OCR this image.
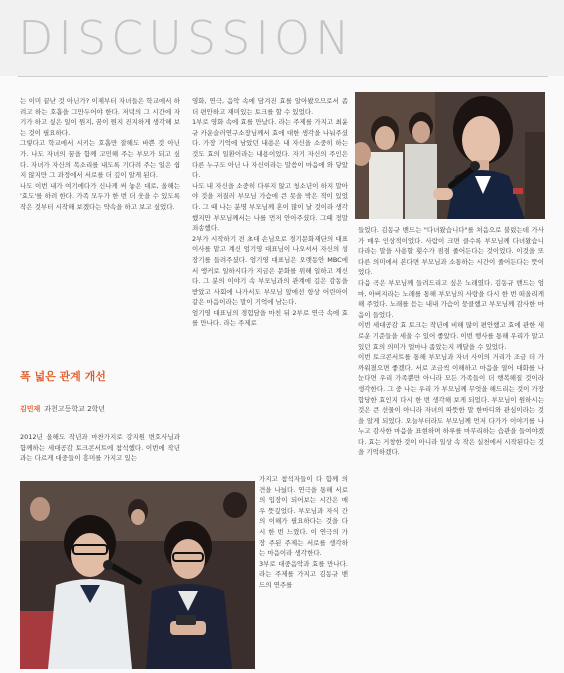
DISCUSSION

는 이미 끝난 것 아닌가? 이제부터 자녀들은 학교에서 하려고 하는 호흡을 그만두어야 한다. 저녁의 그 시간에 자기가 하고 싶은 일이 뭔지, 꿈이 뭔지 진지하게 생각해 보는 것이 필요하다.

그렇다고 학교에서 시키는 호흡만 잘해도 바쁜 것 아닌가. 나도 자녀의 꿈을 함께 고민해 주는 부모가 되고 싶다. 자녀가 자신의 목소리를 내도록 기다려 주는 일은 쉽지 않지만 그 과정에서 서로를 더 깊이 알게 된다.

나도 이번 내가 여기에다가 신나게 써 놓은 대로, 올해는 '효도'를 하려 한다. 가족 모두가 한 번 더 웃을 수 있도록 작은 것부터 시작해 보겠다는 약속을 하고 보고 싶었다.

폭 넓은 관계 개선
김민재 과천고등학교 2학년

2012년 올해도 작년과 마찬가지로 강지원 변호사님과 함께하는 세대공감 토크콘서트에 참석했다. 이번에 작년과는 다르게 대중들이 흥미를 가지고 있는

영화, 연극, 음악 속에 담겨진 효를 알아봤으므로서 좀 더 편안하고 재미있는 토크를 할 수 있었다.

1부로 영화 속에 효를 만났다. 라는 주제를 가지고 최윤규 카운슬러연구소장님께서 효에 대한 생각을 나눠주셨다. 가장 기억에 남았던 내용은 내 자신을 소중히 하는 것도 효의 일환이라는 내용이었다. 자기 자신의 주인은 다른 누구도 아닌 나 자신이라는 말씀이 마음에 와 닿았다.

나도 내 자신을 소중히 다루지 않고 청소년이 하지 말아야 것을 저질러 부모님 가슴에 큰 못을 박은 적이 있었다. 그 때 나는 분명 부모님께 혼이 많이 날 것이라 생각했지만 부모님께서는 나를 먼저 안아주셨다. 그때 정말 죄송했다.

2부가 시작하기 전 초대 손님으로 경기문화재단의 대표이사를 맡고 계신 엄기영 대표님이 나오셔서 자신의 성장기를 들려주셨다. 엄기영 대표님은 오랫동안 MBC에서 앵커로 일하시다가 지금은 문화를 위해 일하고 계신다. 그 분의 이야기 속 부모님과의 관계에 깊은 감동을 받았고 사회에 나가서도 부모님 앞에선 항상 어린아이 같은 마음이라는 말이 기억에 남는다.

엄기영 대표님의 경험담을 마친 뒤 2부로 연극 속에 효를 만나다. 라는 주제로

가지고 참석자들이 다 함께 의견을 나눴다. 연극을 통해 서로의 입장이 되어보는 시간은 매우 뜻깊었다. 부모님과 자식 간의 이해가 필요하다는 것을 다시 한 번 느꼈다. 이 연극의 가장 주된 주제는 서로를 생각하는 마음이라 생각한다.

3부로 대중음악과 효를 만나다. 라는 주제를 가지고 김동규 밴드의 연주를

들었다. 김동규 밴드는 "다녀왔습니다"를 처음으로 불렀는데 가사가 매우 인상적이었다. 사람이 크면 클수록 부모님께 다녀왔습니다라는 말을 사용할 횟수가 점점 줄어든다는 것이었다. 이것을 또 다른 의미에서 본다면 부모님과 소통하는 시간이 줄어든다는 뜻이었다.

다음 곡은 부모님께 들려드리고 싶은 노래였다. 김동규 밴드는 엄마, 아버지라는 노래를 통해 부모님의 사랑을 다시 한 번 떠올리게 해 주었다. 노래를 듣는 내내 가슴이 뭉클했고 부모님께 감사한 마음이 들었다.

이번 세대공감 효 토크는 작년에 비해 많이 편안했고 효에 관한 새로운 기준들을 세울 수 있어 좋았다. 이번 행사를 통해 우리가 알고 있던 효의 의미가 얼마나 좁았는지 깨달을 수 있었다.

이번 토크콘서트를 통해 부모님과 자녀 사이의 거리가 조금 더 가까워졌으면 좋겠다. 서로 조금씩 이해하고 마음을 열어 대화를 나눈다면 우리 가족뿐만 아니라 모든 가족들이 더 행복해질 것이라 생각한다. 그 중 나는 우리 가 부모님께 무엇을 해드리는 것이 가장 합당한 효인지 다시 한 번 생각해 보게 되었다. 부모님이 원하시는 것은 큰 선물이 아니라 자녀의 따뜻한 말 한마디와 관심이라는 것을 알게 되었다. 오늘부터라도 부모님께 먼저 다가가 이야기를 나누고 감사한 마음을 표현하며 하루를 마무리하는 습관을 들여야겠다. 효는 거창한 것이 아니라 일상 속 작은 실천에서 시작된다는 것을 기억하겠다.
